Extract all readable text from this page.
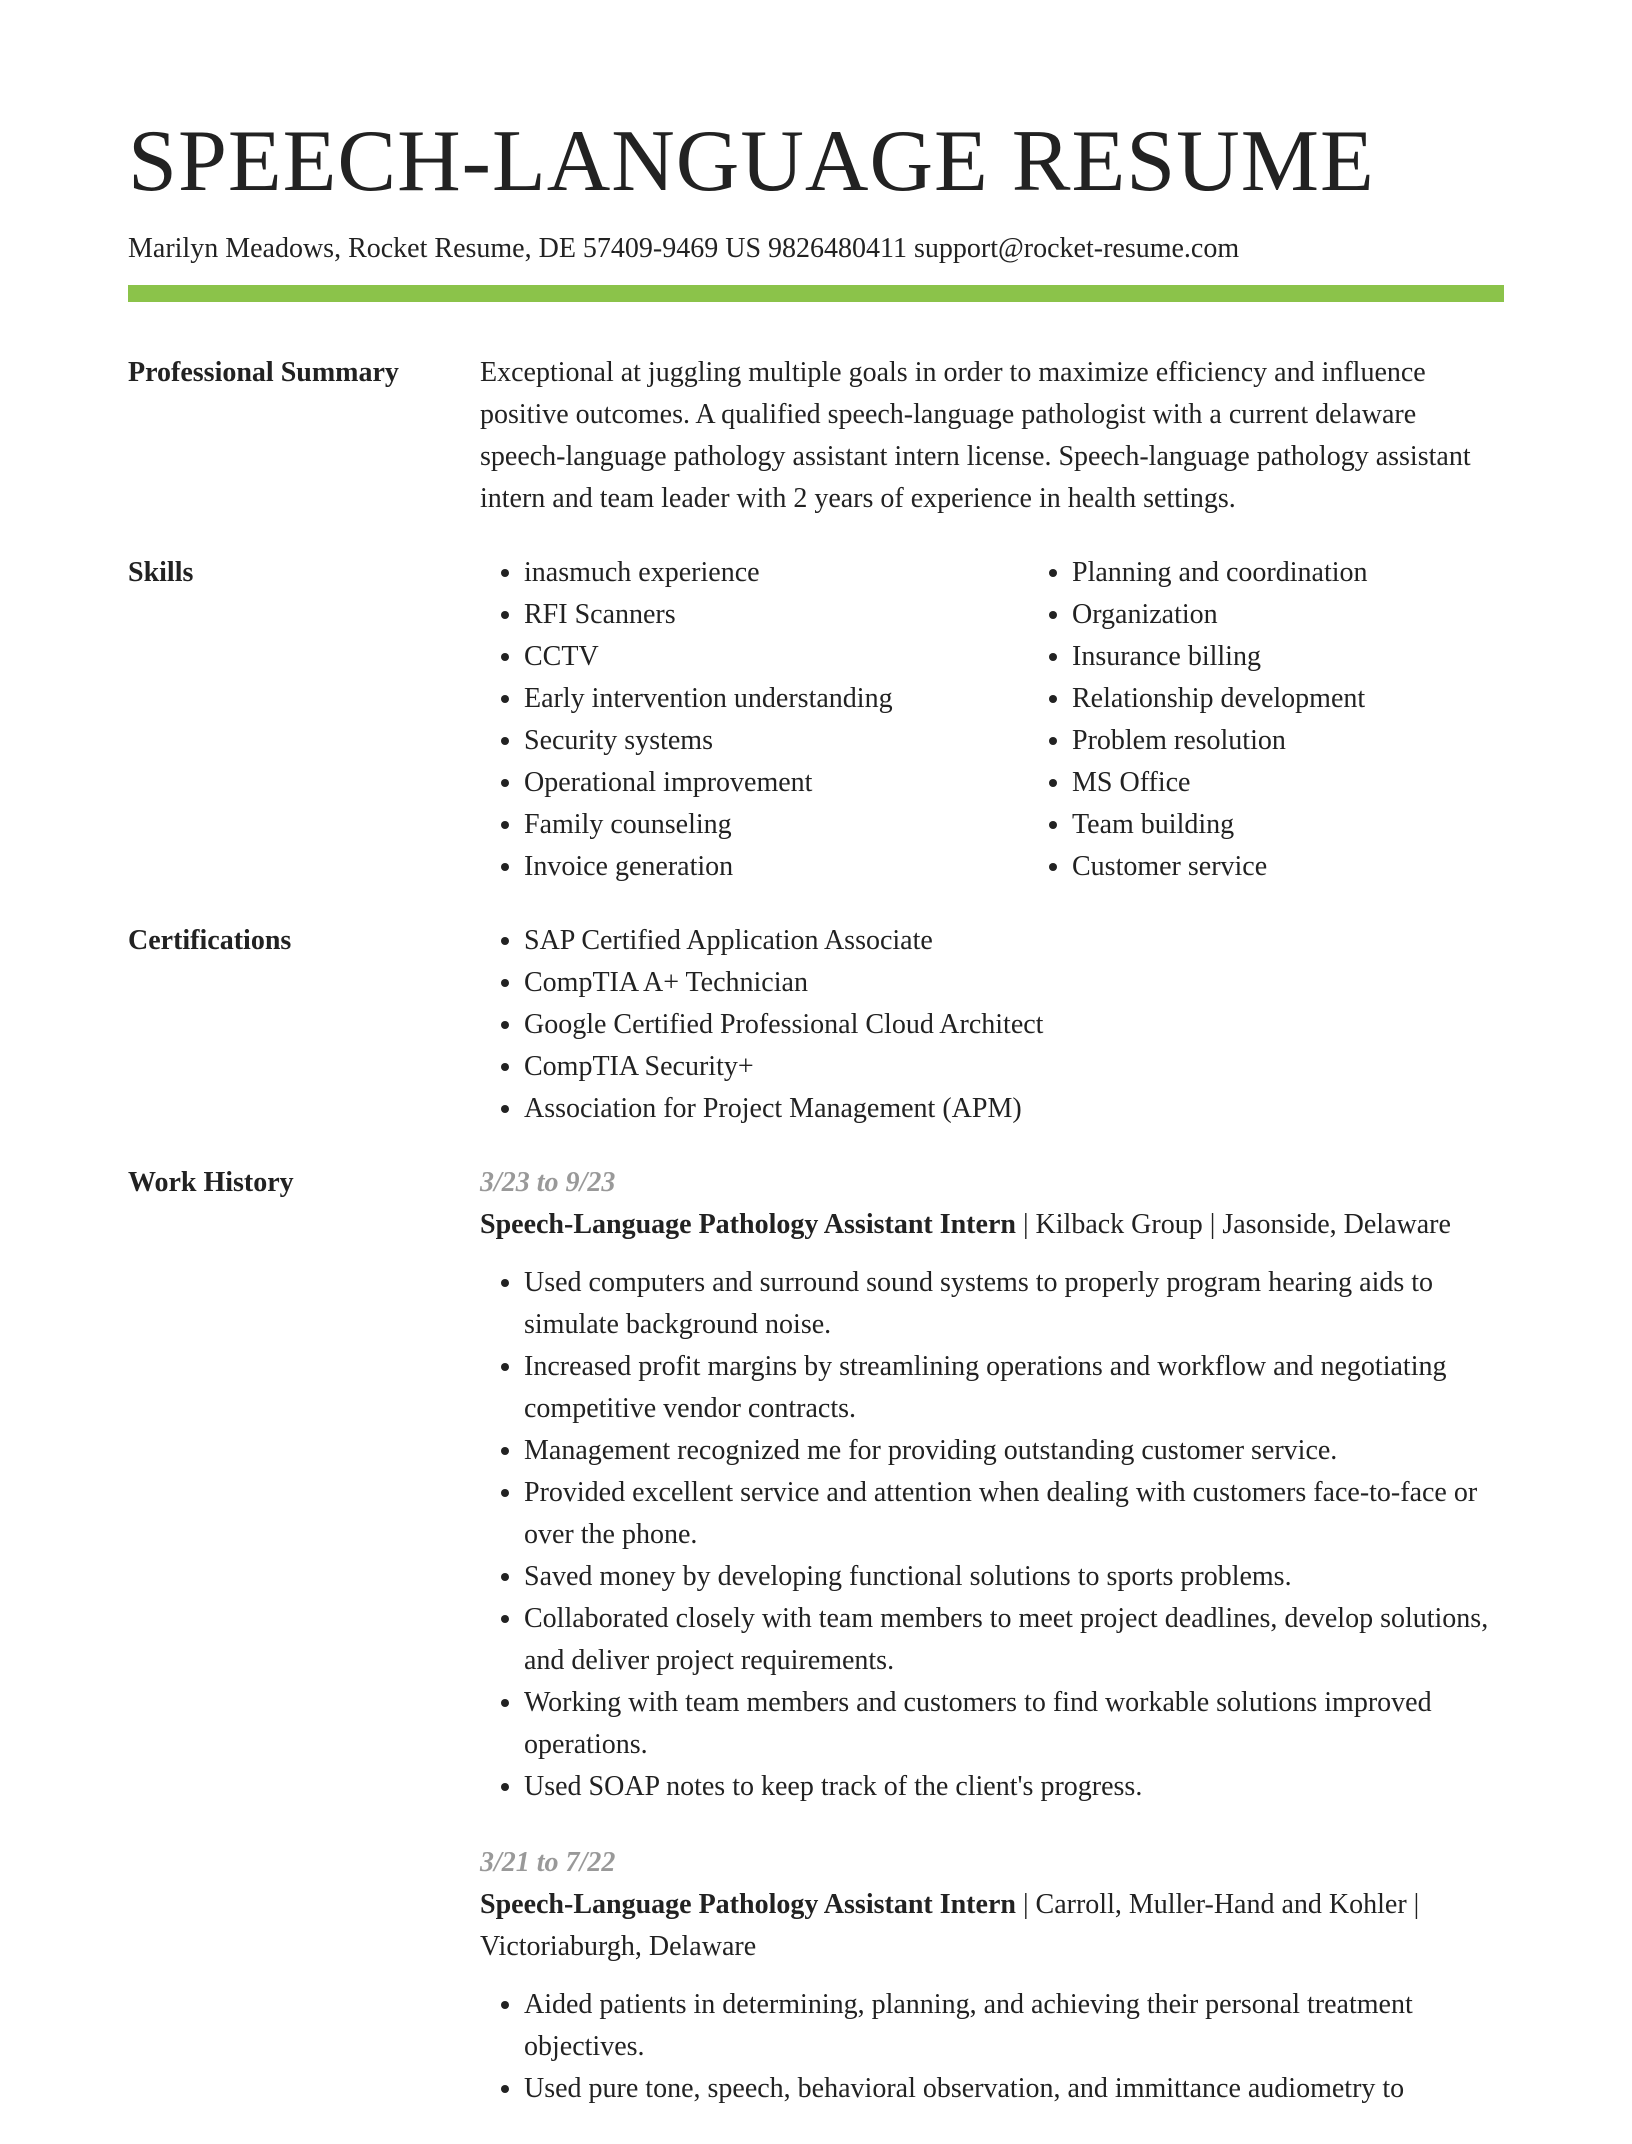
SPEECH-LANGUAGE RESUME
Marilyn Meadows, Rocket Resume, DE 57409-9469 US 9826480411 support@rocket-resume.com
Professional Summary	Exceptional at juggling multiple goals in order to maximize efficiency and influence positive outcomes. A qualified speech-language pathologist with a current delaware speech-language pathology assistant intern license. Speech-language pathology assistant intern and team leader with 2 years of experience in health settings.

Skills	• inasmuch experience
• RFI Scanners
• CCTV
• Early intervention understanding
• Security systems
• Operational improvement
• Family counseling
• Invoice generation
• Planning and coordination
• Organization
• Insurance billing
• Relationship development
• Problem resolution
• MS Office
• Team building
• Customer service
Certifications	• SAP Certified Application Associate
• CompTIA A+ Technician
• Google Certified Professional Cloud Architect
• CompTIA Security+
• Association for Project Management (APM)
Work History	3/23 to 9/23
Speech-Language Pathology Assistant Intern | Kilback Group | Jasonside, Delaware
• Used computers and surround sound systems to properly program hearing aids to simulate background noise.
• Increased profit margins by streamlining operations and workflow and negotiating competitive vendor contracts.
• Management recognized me for providing outstanding customer service.
• Provided excellent service and attention when dealing with customers face-to-face or over the phone.
• Saved money by developing functional solutions to sports problems.
• Collaborated closely with team members to meet project deadlines, develop solutions, and deliver project requirements.
• Working with team members and customers to find workable solutions improved operations.
• Used SOAP notes to keep track of the client's progress.
3/21 to 7/22
Speech-Language Pathology Assistant Intern | Carroll, Muller-Hand and Kohler | Victoriaburgh, Delaware
• Aided patients in determining, planning, and achieving their personal treatment objectives.
• Used pure tone, speech, behavioral observation, and immittance audiometry to
